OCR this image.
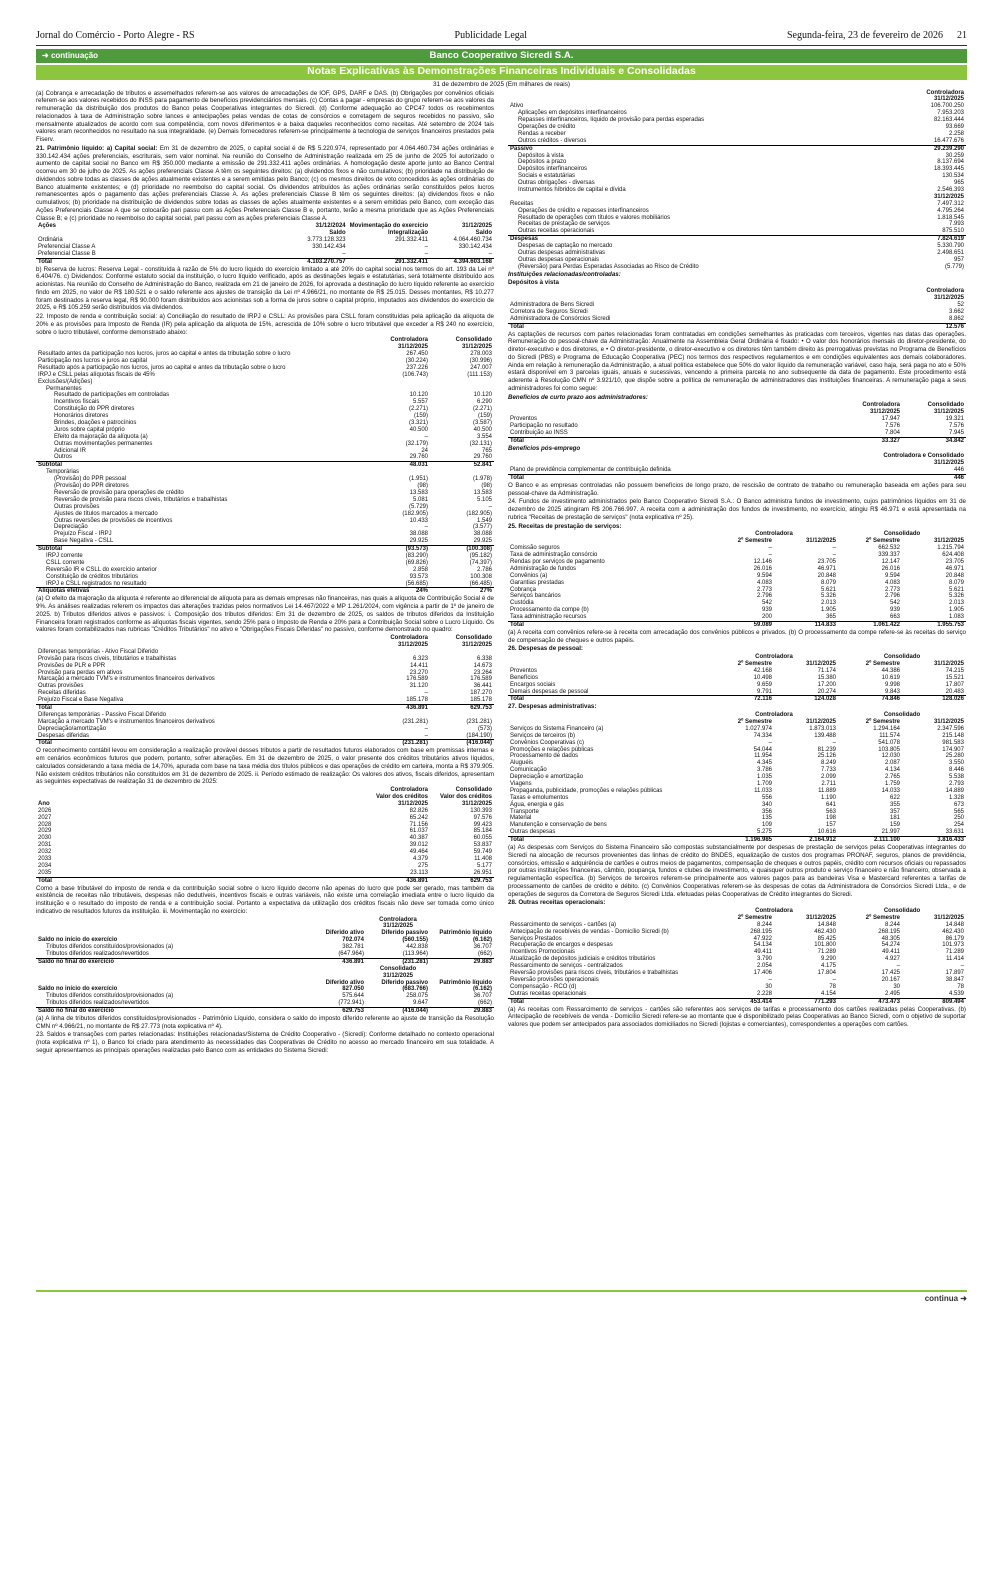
Jornal do Comércio - Porto Alegre - RS	Publicidade Legal	Segunda-feira, 23 de fevereiro de 2026 21
➜ continuação	Banco Cooperativo Sicredi S.A.
Notas Explicativas às Demonstrações Financeiras Individuais e Consolidadas
31 de dezembro de 2025 (Em milhares de reais)

(a) Cobrança e arrecadação de tributos e assemelhados referem-se aos valores de arrecadações de IOF, GPS, DARF e DAS. (b) Obrigações por convênios oficiais referem-se aos valores recebidos do INSS para pagamento de benefícios previdenciários mensais. (c) Contas a pagar - empresas do grupo referem-se aos valores da remuneração da distribuição dos produtos do Banco pelas Cooperativas integrantes do Sicredi. (d) Conforme adequação ao CPC47 todos os recebimentos relacionados à taxa de Administração sobre lances e antecipações pelas vendas de cotas de consórcios e corretagem de seguros recebidos no passivo, são mensalmente atualizados de acordo com sua competência, com novos diferimentos e a baixa daqueles reconhecidos como receitas. Até setembro de 2024 tais valores eram reconhecidos no resultado na sua integralidade. (e) Demais fornecedores referem-se principalmente à tecnologia de serviços financeiros prestados pela Fiserv.

21. Patrimônio líquido: a) Capital social: Em 31 de dezembro de 2025, o capital social é de R$ 5.220.974, representado por 4.064.460.734 ações ordinárias e 330.142.434 ações preferenciais, escriturais, sem valor nominal. Na reunião do Conselho de Administração realizada em 25 de junho de 2025 foi autorizado o aumento de capital social no Banco em R$ 350.000 mediante a emissão de 291.332.411 ações ordinárias. A homologação deste aporte junto ao Banco Central ocorreu em 30 de julho de 2025. As ações preferenciais Classe A têm os seguintes direitos: (a) dividendos fixos e não cumulativos; (b) prioridade na distribuição de dividendos sobre todas as classes de ações atualmente existentes e a serem emitidas pelo Banco; (c) os mesmos direitos de voto concedidos às ações ordinárias do Banco atualmente existentes; e (d) prioridade no reembolso do capital social. Os dividendos atribuídos às ações ordinárias serão constituídos pelos lucros remanescentes após o pagamento das ações preferenciais Classe A. As ações preferenciais Classe B têm os seguintes direitos: (a) dividendos fixos e não cumulativos; (b) prioridade na distribuição de dividendos sobre todas as classes de ações atualmente existentes e a serem emitidas pelo Banco, com exceção das Ações Preferenciais Classe A que se colocarão pari passu com as Ações Preferenciais Classe B e, portanto, terão a mesma prioridade que as Ações Preferenciais Classe B; e (c) prioridade no reembolso do capital social, pari passu com as ações preferenciais Classe A.

Ações	31/12/2024	Movimentação do exercício	31/12/2025
	Saldo	Integralização	Saldo
Ordinária	3.773.128.323	291.332.411	4.064.460.734
Preferencial Classe A	330.142.434	–	330.142.434
Preferencial Classe B	–	–	–
Total	4.103.270.757	291.332.411	4.394.603.168

b) Reserva de lucros: Reserva Legal - constituída à razão de 5% do lucro líquido do exercício limitado a até 20% do capital social nos termos do art. 193 da Lei nº 6.404/76. c) Dividendos: Conforme estatuto social da instituição, o lucro líquido verificado, após as destinações legais e estatutárias, será totalmente distribuído aos acionistas. Na reunião do Conselho de Administração do Banco, realizada em 21 de janeiro de 2026, foi aprovada a destinação do lucro líquido referente ao exercício findo em 2025, no valor de R$ 180.521 e o saldo referente aos ajustes de transição da Lei nº 4.966/21, no montante de R$ 25.015. Desses montantes, R$ 10.277 foram destinados à reserva legal, R$ 90.000 foram distribuídos aos acionistas sob a forma de juros sobre o capital próprio, imputados aos dividendos do exercício de 2025, e R$ 105.259 serão distribuídos via dividendos.

22. Imposto de renda e contribuição social: a) Conciliação do resultado de IRPJ e CSLL: As provisões para CSLL foram constituídas pela aplicação da alíquota de 20% e as provisões para Imposto de Renda (IR) pela aplicação da alíquota de 15%, acrescida de 10% sobre o lucro tributável que exceder a R$ 240 no exercício, sobre o lucro tributável, conforme demonstrado abaixo:

	Controladora	Consolidado
	31/12/2025	31/12/2025
Resultado antes da participação nos lucros, juros ao capital e antes da tributação sobre o lucro	267.450	278.003
Participação nos lucros e juros ao capital	(30.224)	(30.996)
Resultado após a participação nos lucros, juros ao capital e antes da tributação sobre o lucro	237.226	247.007
IRPJ e CSLL pelas alíquotas fiscais de 45%	(106.743)	(111.153)
Exclusões/(Adições)		
Permanentes		
Resultado de participações em controladas	10.120	10.120
Incentivos fiscais	5.557	6.290
Constituição do PPR diretores	(2.271)	(2.271)
Honorários diretores	(159)	(159)
Brindes, doações e patrocínios	(3.321)	(3.587)
Juros sobre capital próprio	40.500	40.500
Efeito da majoração da alíquota (a)	–	3.554
Outras movimentações permanentes	(32.179)	(32.131)
Adicional IR	24	765
Outros	29.760	29.760
Subtotal	48.031	52.841
Temporárias		
(Provisão) do PPR pessoal	(1.951)	(1.978)
(Provisão) do PPR diretores	(98)	(98)
Reversão de provisão para operações de crédito	13.583	13.583
Reversão de provisão para riscos cíveis, tributários e trabalhistas	5.081	5.105
Outras provisões	(5.729)	–
Ajustes de títulos marcados a mercado	(182.905)	(182.905)
Outras reversões de provisões de incentivos	10.433	1.549
Depreciação	–	(3.577)
Prejuízo Fiscal - IRPJ	38.088	38.088
Base Negativa - CSLL	29.925	29.925
Subtotal	(93.573)	(100.308)
IRPJ corrente	(83.290)	(95.182)
CSLL corrente	(69.826)	(74.397)
Reversão IR e CSLL do exercício anterior	2.858	2.786
Constituição de créditos tributários	93.573	100.308
IRPJ e CSLL registrados no resultado	(56.685)	(66.485)
Alíquotas efetivas	24%	27%

(a) O efeito da majoração da alíquota é referente ao diferencial de alíquota para as demais empresas não financeiras, nas quais a alíquota de Contribuição Social é de 9%. As análises realizadas referem os impactos das alterações trazidas pelos normativos Lei 14.467/2022 e MP 1.261/2024, com vigência a partir de 1º de janeiro de 2025. b) Tributos diferidos ativos e passivos: i. Composição dos tributos diferidos: Em 31 de dezembro de 2025, os saldos de tributos diferidos da Instituição Financeira foram registrados conforme as alíquotas fiscais vigentes, sendo 25% para o Imposto de Renda e 20% para a Contribuição Social sobre o Lucro Líquido. Os valores foram contabilizados nas rubricas "Créditos Tributários" no ativo e "Obrigações Fiscais Diferidas" no passivo, conforme demonstrado no quadro:

	Controladora	Consolidado
	31/12/2025	31/12/2025
Diferenças temporárias - Ativo Fiscal Diferido		
Provisão para riscos cíveis, tributários e trabalhistas	6.323	6.338
Provisões de PLR e PPR	14.411	14.673
Provisão para perdas em ativos	23.270	23.264
Marcação a mercado TVM's e instrumentos financeiros derivativos	176.589	176.589
Outras provisões	31.120	36.441
Receitas diferidas	–	187.270
Prejuízo Fiscal e Base Negativa	185.178	185.178
Total	436.891	629.753
Diferenças temporárias - Passivo Fiscal Diferido		
Marcação a mercado TVM's e instrumentos financeiros derivativos	(231.281)	(231.281)
Depreciação/amortização	–	(573)
Despesas diferidas	–	(184.190)
Total	(231.281)	(416.044)

O reconhecimento contábil levou em consideração a realização provável desses tributos a partir de resultados futuros elaborados com base em premissas internas e em cenários econômicos futuros que podem, portanto, sofrer alterações. Em 31 de dezembro de 2025, o valor presente dos créditos tributários ativos líquidos, calculados considerando a taxa média de 14,70%, apurada com base na taxa média dos títulos públicos e das operações de crédito em carteira, monta a R$ 379.905. Não existem créditos tributários não constituídos em 31 de dezembro de 2025. ii. Período estimado de realização: Os valores dos ativos, fiscais diferidos, apresentam as seguintes expectativas de realização 31 de dezembro de 2025:

	Controladora	Consolidado
	Valor dos créditos	Valor dos créditos
Ano	31/12/2025	31/12/2025
2026	82.826	130.393
2027	65.242	97.576
2028	71.156	99.423
2029	61.037	85.184
2030	40.387	60.055
2031	39.012	53.837
2032	49.464	59.749
2033	4.379	11.408
2034	275	5.177
2035	23.113	26.951
Total	436.891	629.753

Como a base tributável do imposto de renda e da contribuição social sobre o lucro líquido decorre não apenas do lucro que pode ser gerado, mas também da existência de receitas não tributáveis, despesas não dedutíveis, incentivos fiscais e outras variáveis, não existe uma correlação imediata entre o lucro líquido da instituição e o resultado do imposto de renda e a contribuição social. Portanto a expectativa da utilização dos créditos fiscais não deve ser tomada como único indicativo de resultados futuros da instituição. iii. Movimentação no exercício:

	Controladora		
	31/12/2025		
	Diferido ativo	Diferido passivo	Patrimônio líquido
Saldo no início do exercício	702.074	(560.155)	(6.162)
Tributos diferidos constituídos/provisionados (a)	382.781	442.838	36.707
Tributos diferidos realizados/revertidos	(647.964)	(113.964)	(662)
Saldo no final do exercício	436.891	(231.281)	29.883
	Consolidado		
	31/12/2025		
	Diferido ativo	Diferido passivo	Patrimônio líquido
Saldo no início do exercício	827.050	(683.766)	(6.162)
Tributos diferidos constituídos/provisionados (a)	575.644	258.075	36.707
Tributos diferidos realizados/revertidos	(772.941)	9.647	(662)
Saldo no final do exercício	629.753	(416.044)	29.883

(a) A linha de tributos diferidos constituídos/provisionados - Patrimônio Líquido, considera o saldo do imposto diferido referente ao ajuste de transição da Resolução CMN nº 4.966/21, no montante de R$ 27.773 (nota explicativa nº 4).

23. Saldos e transações com partes relacionadas: Instituições relacionadas/Sistema de Crédito Cooperativo - (Sicredi): Conforme detalhado no contexto operacional (nota explicativa nº 1), o Banco foi criado para atendimento às necessidades das Cooperativas de Crédito no acesso ao mercado financeiro em sua totalidade. A seguir apresentamos as principais operações realizadas pelo Banco com as entidades do Sistema Sicredi:

	Controladora
	31/12/2025
Ativo	106.700.250
Aplicações em depósitos interfinanceiros	7.953.203
Repasses interfinanceiros, líquido de provisão para perdas esperadas	82.163.444
Operações de crédito	93.669
Rendas a receber	2.258
Outros créditos - diversos	16.477.676
Passivo	29.239.290
Depósitos à vista	30.259
Depósitos a prazo	8.137.694
Depósitos interfinanceiros	18.393.445
Sociais e estatutárias	130.534
Outras obrigações - diversas	965
Instrumentos híbridos de capital e dívida	2.546.393
	31/12/2025
Receitas	7.497.312
Operações de crédito e repasses interfinanceiros	4.795.264
Resultado de operações com títulos e valores mobiliários	1.818.545
Receitas de prestação de serviços	7.993
Outras receitas operacionais	875.510
Despesas	7.824.619
Despesas de captação no mercado	5.330.790
Outras despesas administrativas	2.498.651
Outras despesas operacionais	957
(Reversão) para Perdas Esperadas Associadas ao Risco de Crédito	(5.779)

Instituições relacionadas/controladas:

Depósitos à vista

	Controladora
	31/12/2025
Administradora de Bens Sicredi	52
Corretora de Seguros Sicredi	3.662
Administradora de Consórcios Sicredi	8.862
Total	12.576

As captações de recursos com partes relacionadas foram contratadas em condições semelhantes às praticadas com terceiros, vigentes nas datas das operações. Remuneração do pessoal-chave da Administração: Anualmente na Assembleia Geral Ordinária é fixado: • O valor dos honorários mensais do diretor-presidente, do diretor-executivo e dos diretores, e • O diretor-presidente, o diretor-executivo e os diretores têm também direito às prerrogativas previstas no Programa de Benefícios do Sicredi (PBS) e Programa de Educação Cooperativa (PEC) nos termos dos respectivos regulamentos e em condições equivalentes aos demais colaboradores. Ainda em relação à remuneração da Administração, a atual política estabelece que 50% do valor líquido da remuneração variável, caso haja, será paga no ato e 50% estará disponível em 3 parcelas iguais, anuais e sucessivas, vencendo a primeira parcela no ano subsequente da data de pagamento. Este procedimento está aderente à Resolução CMN nº 3.921/10, que dispõe sobre a política de remuneração de administradores das instituições financeiras. A remuneração paga a seus administradores foi como segue:

Benefícios de curto prazo aos administradores:

	Controladora	Consolidado
	31/12/2025	31/12/2025
Proventos	17.947	19.321
Participação no resultado	7.576	7.576
Contribuição ao INSS	7.804	7.945
Total	33.327	34.842

Benefícios pós-emprego

	Controladora e Consolidado
	31/12/2025
Plano de previdência complementar de contribuição definida	446
Total	446

O Banco e as empresas controladas não possuem benefícios de longo prazo, de rescisão de contrato de trabalho ou remuneração baseada em ações para seu pessoal-chave da Administração.

24. Fundos de investimento administrados pelo Banco Cooperativo Sicredi S.A.: O Banco administra fundos de investimento, cujos patrimônios líquidos em 31 de dezembro de 2025 atingiram R$ 206.766.997. A receita com a administração dos fundos de investimento, no exercício, atingiu R$ 46.971 e está apresentada na rubrica "Receitas de prestação de serviços" (nota explicativa nº 25).

25. Receitas de prestação de serviços:

	Controladora		Consolidado	
	2º Semestre	31/12/2025	2º Semestre	31/12/2025
Comissão seguros	–	–	662.532	1.215.794
Taxa de administração consórcio	–	–	339.337	624.408
Rendas por serviços de pagamento	12.146	23.705	12.147	23.705
Administração de fundos	26.016	46.971	26.016	46.971
Convênios (a)	9.594	20.848	9.594	20.848
Garantias prestadas	4.083	8.079	4.083	8.079
Cobrança	2.773	5.621	2.773	5.621
Serviços bancários	2.796	5.326	2.796	5.326
Custódia	542	2.013	542	2.013
Processamento da compe (b)	939	1.905	939	1.905
Taxa administração recursos	200	365	663	1.083
Total	59.089	114.833	1.061.422	1.955.753

(a) A receita com convênios refere-se à receita com arrecadação dos convênios públicos e privados. (b) O processamento da compe refere-se às receitas do serviço de compensação de cheques e outros papéis.

26. Despesas de pessoal:

	Controladora		Consolidado	
	2º Semestre	31/12/2025	2º Semestre	31/12/2025
Proventos	42.168	71.174	44.386	74.215
Benefícios	10.498	15.380	10.619	15.521
Encargos sociais	9.659	17.200	9.998	17.807
Demais despesas de pessoal	9.791	20.274	9.843	20.483
Total	72.116	124.028	74.846	128.026

27. Despesas administrativas:

	Controladora		Consolidado	
	2º Semestre	31/12/2025	2º Semestre	31/12/2025
Serviços do Sistema Financeiro (a)	1.027.974	1.873.013	1.294.164	2.347.596
Serviços de terceiros (b)	74.334	139.488	111.574	215.148
Convênios Cooperativas (c)	–	–	541.078	981.583
Promoções e relações públicas	54.044	81.239	103.805	174.907
Processamento de dados	11.954	25.126	12.030	25.280
Aluguéis	4.345	8.249	2.087	3.550
Comunicação	3.786	7.733	4.134	8.446
Depreciação e amortização	1.035	2.099	2.765	5.538
Viagens	1.709	2.711	1.759	2.793
Propaganda, publicidade, promoções e relações públicas	11.033	11.889	14.033	14.889
Taxas e emolumentos	556	1.190	622	1.328
Água, energia e gás	340	641	355	673
Transporte	356	563	357	565
Material	135	198	181	250
Manutenção e conservação de bens	109	157	159	254
Outras despesas	5.275	10.616	21.997	33.631
Total	1.196.985	2.164.912	2.111.100	3.816.433

(a) As despesas com Serviços do Sistema Financeiro são compostas substancialmente por despesas de prestação de serviços pelas Cooperativas integrantes do Sicredi na alocação de recursos provenientes das linhas de crédito do BNDES, equalização de custos dos programas PRONAF, seguros, planos de previdência, consórcios, emissão e adquirência de cartões e outros meios de pagamentos, compensação de cheques e outros papéis, crédito com recursos oficiais ou repassados por outras instituições financeiras, câmbio, poupança, fundos e clubes de investimento, e quaisquer outros produto e serviço financeiro e não financeiro, observada a regulamentação específica. (b) Serviços de terceiros referem-se principalmente aos valores pagos para as bandeiras Visa e Mastercard referentes a tarifas de processamento de cartões de crédito e débito. (c) Convênios Cooperativas referem-se às despesas de cotas da Administradora de Consórcios Sicredi Ltda., e de operações de seguros da Corretora de Seguros Sicredi Ltda. efetuadas pelas Cooperativas de Crédito integrantes do Sicredi.

28. Outras receitas operacionais:

	Controladora		Consolidado	
	2º Semestre	31/12/2025	2º Semestre	31/12/2025
Ressarcimento de serviços - cartões (a)	8.244	14.848	8.244	14.848
Antecipação de recebíveis de vendas - Domicílio Sicredi (b)	268.195	462.430	268.195	462.430
Serviços Prestados	47.922	85.425	48.305	86.179
Recuperação de encargos e despesas	54.134	101.800	54.274	101.973
Incentivos Promocionais	49.411	71.289	49.411	71.289
Atualização de depósitos judiciais e créditos tributários	3.790	9.290	4.927	11.414
Ressarcimento de serviços - centralizados	2.054	4.175	–	–
Reversão provisões para riscos cíveis, tributários e trabalhistas	17.406	17.804	17.425	17.897
Reversão provisões operacionais	–	–	20.167	38.847
Compensação - RCO (d)	30	78	30	78
Outras receitas operacionais	2.228	4.154	2.495	4.539
Total	453.414	771.293	473.473	809.494

(a) As receitas com Ressarcimento de serviços - cartões são referentes aos serviços de tarifas e processamento dos cartões realizadas pelas Cooperativas. (b) Antecipação de recebíveis de venda - Domicílio Sicredi refere-se ao montante que é disponibilizado pelas Cooperativas ao Banco Sicredi, com o objetivo de suportar valores que podem ser antecipados para associados domiciliados no Sicredi (lojistas e comerciantes), correspondentes a operações com cartões.

continua ➜
